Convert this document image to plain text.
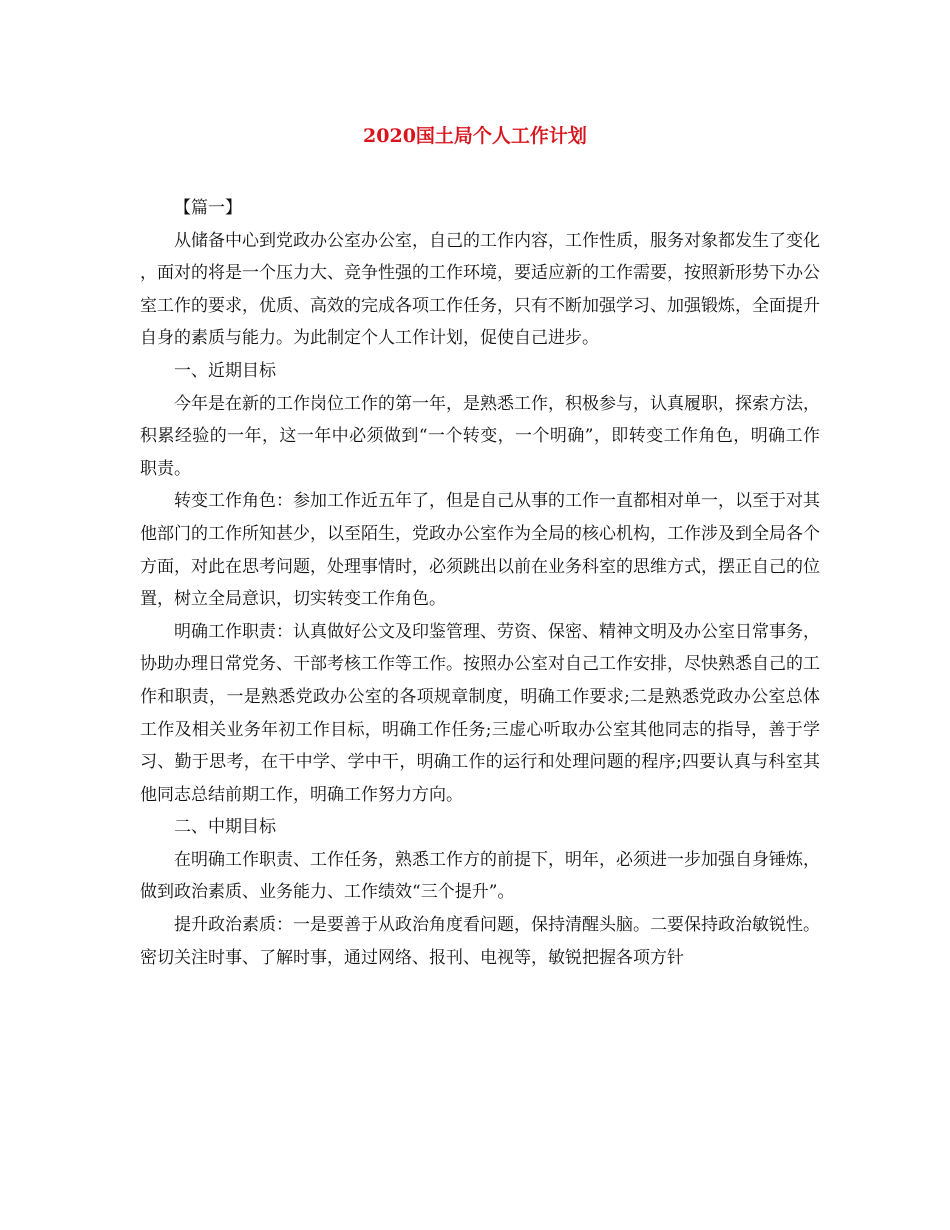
2020国土局个人工作计划

【篇一】

从储备中心到党政办公室办公室，自己的工作内容，工作性质，服务对象都发生了变化，面对的将是一个压力大、竞争性强的工作环境，要适应新的工作需要，按照新形势下办公室工作的要求，优质、高效的完成各项工作任务，只有不断加强学习、加强锻炼，全面提升自身的素质与能力。为此制定个人工作计划，促使自己进步。

一、近期目标

今年是在新的工作岗位工作的第一年，是熟悉工作，积极参与，认真履职，探索方法，积累经验的一年，这一年中必须做到“一个转变，一个明确”，即转变工作角色，明确工作职责。

转变工作角色：参加工作近五年了，但是自己从事的工作一直都相对单一，以至于对其他部门的工作所知甚少，以至陌生，党政办公室作为全局的核心机构，工作涉及到全局各个方面，对此在思考问题，处理事情时，必须跳出以前在业务科室的思维方式，摆正自己的位置，树立全局意识，切实转变工作角色。

明确工作职责：认真做好公文及印鉴管理、劳资、保密、精神文明及办公室日常事务，协助办理日常党务、干部考核工作等工作。按照办公室对自己工作安排，尽快熟悉自己的工作和职责，一是熟悉党政办公室的各项规章制度，明确工作要求;二是熟悉党政办公室总体工作及相关业务年初工作目标，明确工作任务;三虚心听取办公室其他同志的指导，善于学习、勤于思考，在干中学、学中干，明确工作的运行和处理问题的程序;四要认真与科室其他同志总结前期工作，明确工作努力方向。

二、中期目标

在明确工作职责、工作任务，熟悉工作方的前提下，明年，必须进一步加强自身锤炼，做到政治素质、业务能力、工作绩效“三个提升”。

提升政治素质：一是要善于从政治角度看问题，保持清醒头脑。二要保持政治敏锐性。密切关注时事、了解时事，通过网络、报刊、电视等，敏锐把握各项方针
